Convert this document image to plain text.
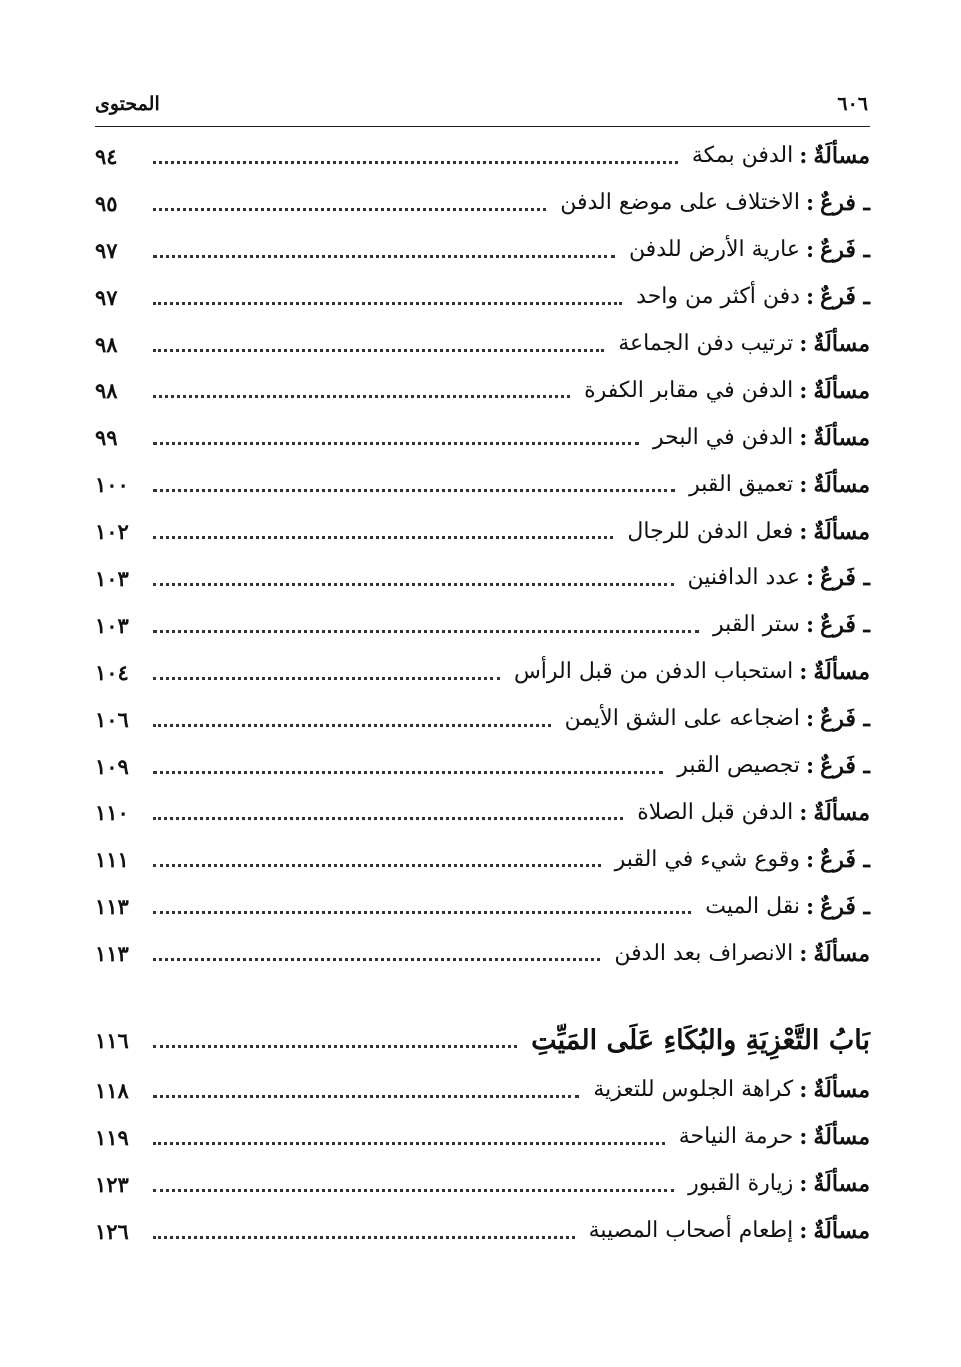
٦٠٦
المحتوى
مسألَةٌ
:
الدفن بمكة
٩٤
ـ فرعٌ
:
الاختلاف على موضع الدفن
٩٥
ـ فَرعٌ
:
عارية الأرض للدفن
٩٧
ـ فَرعٌ
:
دفن أكثر من واحد
٩٧
مسألَةٌ
:
ترتيب دفن الجماعة
٩٨
مسألَةٌ
:
الدفن في مقابر الكفرة
٩٨
مسألَةٌ
:
الدفن في البحر
٩٩
مسألَةٌ
:
تعميق القبر
١٠٠
مسألَةٌ
:
فعل الدفن للرجال
١٠٢
ـ فَرعٌ
:
عدد الدافنين
١٠٣
ـ فَرعٌ
:
ستر القبر
١٠٣
مسألَةٌ
:
استحباب الدفن من قبل الرأس
١٠٤
ـ فَرعٌ
:
اضجاعه على الشق الأيمن
١٠٦
ـ فَرعٌ
:
تجصيص القبر
١٠٩
مسألَةٌ
:
الدفن قبل الصلاة
١١٠
ـ فَرعٌ
:
وقوع شيء في القبر
١١١
ـ فَرعٌ
:
نقل الميت
١١٣
مسألَةٌ
:
الانصراف بعد الدفن
١١٣
بَابُ التَّعْزِيَةِ والبُكَاءِ عَلَى المَيِّتِ
١١٦
مسألَةٌ
:
كراهة الجلوس للتعزية
١١٨
مسألَةٌ
:
حرمة النياحة
١١٩
مسألَةٌ
:
زيارة القبور
١٢٣
مسألَةٌ
:
إطعام أصحاب المصيبة
١٢٦
